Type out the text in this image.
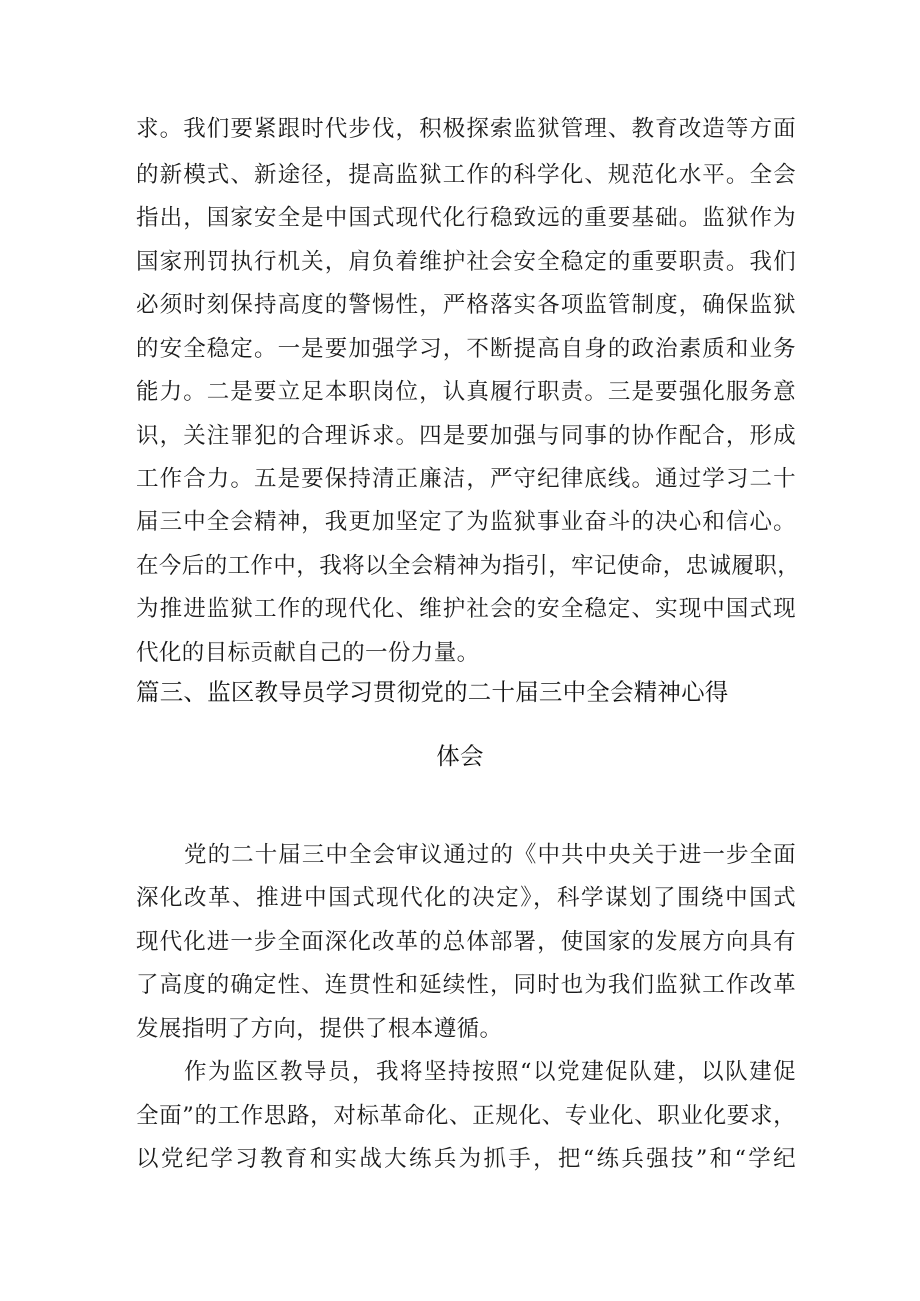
求。我们要紧跟时代步伐，积极探索监狱管理、教育改造等方面
的新模式、新途径，提高监狱工作的科学化、规范化水平。全会
指出，国家安全是中国式现代化行稳致远的重要基础。监狱作为
国家刑罚执行机关，肩负着维护社会安全稳定的重要职责。我们
必须时刻保持高度的警惕性，严格落实各项监管制度，确保监狱
的安全稳定。一是要加强学习，不断提高自身的政治素质和业务
能力。二是要立足本职岗位，认真履行职责。三是要强化服务意
识，关注罪犯的合理诉求。四是要加强与同事的协作配合，形成
工作合力。五是要保持清正廉洁，严守纪律底线。通过学习二十
届三中全会精神，我更加坚定了为监狱事业奋斗的决心和信心。
在今后的工作中，我将以全会精神为指引，牢记使命，忠诚履职，
为推进监狱工作的现代化、维护社会的安全稳定、实现中国式现
代化的目标贡献自己的一份力量。
篇三、监区教导员学习贯彻党的二十届三中全会精神心得
体会
党的二十届三中全会审议通过的《中共中央关于进一步全面
深化改革、推进中国式现代化的决定》，科学谋划了围绕中国式
现代化进一步全面深化改革的总体部署，使国家的发展方向具有
了高度的确定性、连贯性和延续性，同时也为我们监狱工作改革
发展指明了方向，提供了根本遵循。
作为监区教导员，我将坚持按照“以党建促队建，以队建促
全面”的工作思路，对标革命化、正规化、专业化、职业化要求，
以党纪学习教育和实战大练兵为抓手，把“练兵强技”和“学纪
